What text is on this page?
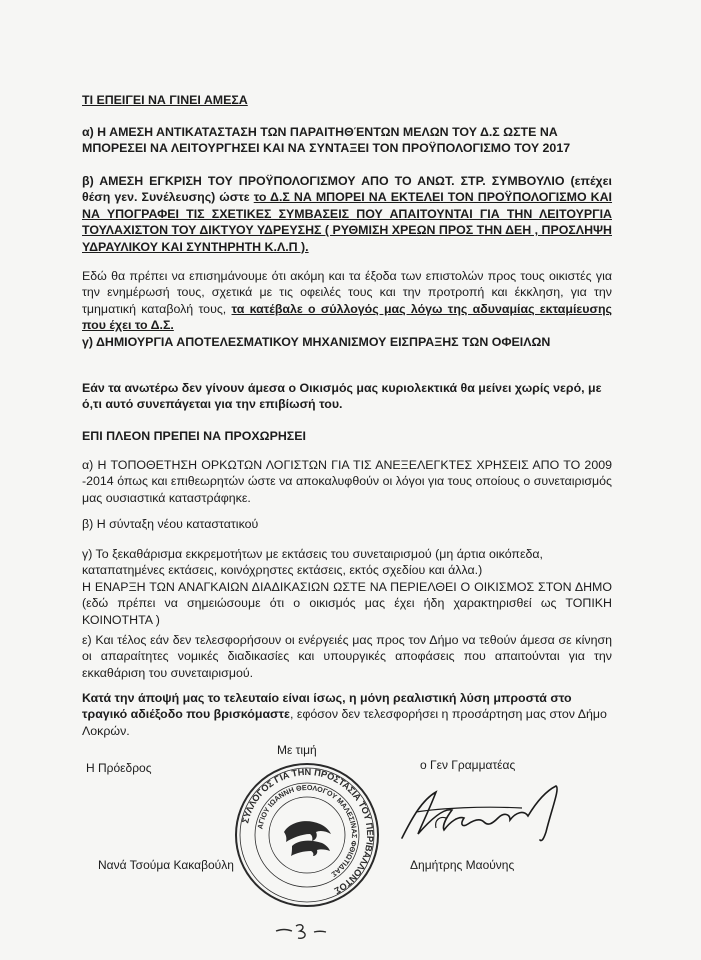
ΤΙ ΕΠΕΙΓΕΙ ΝΑ ΓΙΝΕΙ ΑΜΕΣΑ
α) Η ΑΜΕΣΗ ΑΝΤΙΚΑΤΑΣΤΑΣΗ ΤΩΝ ΠΑΡΑΙΤΗΘΈΝΤΩΝ ΜΕΛΩΝ ΤΟΥ Δ.Σ ΩΣΤΕ ΝΑ ΜΠΟΡΕΣΕΙ ΝΑ ΛΕΙΤΟΥΡΓΗΣΕΙ ΚΑΙ ΝΑ ΣΥΝΤΑΞΕΙ ΤΟΝ ΠΡΟΫΠΟΛΟΓΙΣΜΟ ΤΟΥ 2017
β) ΑΜΕΣΗ ΕΓΚΡΙΣΗ ΤΟΥ ΠΡΟΫΠΟΛΟΓΙΣΜΟΥ ΑΠΟ ΤΟ ΑΝΩΤ. ΣΤΡ. ΣΥΜΒΟΥΛΙΟ (επέχει θέση γεν. Συνέλευσης) ώστε το Δ.Σ ΝΑ ΜΠΟΡΕΙ ΝΑ ΕΚΤΕΛΕΙ ΤΟΝ ΠΡΟΫΠΟΛΟΓΙΣΜΟ ΚΑΙ ΝΑ ΥΠΟΓΡΑΦΕΙ ΤΙΣ ΣΧΕΤΙΚΕΣ ΣΥΜΒΑΣΕΙΣ ΠΟΥ ΑΠΑΙΤΟΥΝΤΑΙ ΓΙΑ ΤΗΝ ΛΕΙΤΟΥΡΓΙΑ ΤΟΥΛΑΧΙΣΤΟΝ ΤΟΥ ΔΙΚΤΥΟΥ ΥΔΡΕΥΣΗΣ ( ΡΥΘΜΙΣΗ ΧΡΕΩΝ ΠΡΟΣ ΤΗΝ ΔΕΗ , ΠΡΟΣΛΗΨΗ ΥΔΡΑΥΛΙΚΟΥ ΚΑΙ ΣΥΝΤΗΡΗΤΗ Κ.Λ.Π ).
Εδώ θα πρέπει να επισημάνουμε ότι ακόμη και τα έξοδα των επιστολών προς τους οικιστές για την ενημέρωσή τους, σχετικά με τις οφειλές τους και την προτροπή και έκκληση, για την τμηματική καταβολή τους, τα κατέβαλε ο σύλλογός μας λόγω της αδυναμίας εκταμίευσης που έχει το Δ.Σ.
γ) ΔΗΜΙΟΥΡΓΙΑ ΑΠΟΤΕΛΕΣΜΑΤΙΚΟΥ ΜΗΧΑΝΙΣΜΟΥ ΕΙΣΠΡΑΞΗΣ ΤΩΝ ΟΦΕΙΛΩΝ
Εάν τα ανωτέρω δεν γίνουν άμεσα ο Οικισμός μας κυριολεκτικά θα μείνει χωρίς νερό, με ό,τι αυτό συνεπάγεται για την επιβίωσή του.
ΕΠΙ ΠΛΕΟΝ ΠΡΕΠΕΙ ΝΑ ΠΡΟΧΩΡΗΣΕΙ
α) Η ΤΟΠΟΘΕΤΗΣΗ ΟΡΚΩΤΩΝ ΛΟΓΙΣΤΩΝ ΓΙΑ ΤΙΣ ΑΝΕΞΕΛΕΓΚΤΕΣ ΧΡΗΣΕΙΣ ΑΠΟ ΤΟ 2009 -2014 όπως και επιθεωρητών ώστε να αποκαλυφθούν οι λόγοι για τους οποίους ο συνεταιρισμός μας ουσιαστικά καταστράφηκε.
β) Η σύνταξη νέου καταστατικού
γ) Το ξεκαθάρισμα εκκρεμοτήτων με εκτάσεις του συνεταιρισμού (μη άρτια οικόπεδα, καταπατημένες εκτάσεις, κοινόχρηστες εκτάσεις, εκτός σχεδίου και άλλα.)
Η ΕΝΑΡΞΗ ΤΩΝ ΑΝΑΓΚΑΙΩΝ ΔΙΑΔΙΚΑΣΙΩΝ ΩΣΤΕ ΝΑ ΠΕΡΙΕΛΘΕΙ Ο ΟΙΚΙΣΜΟΣ ΣΤΟΝ ΔΗΜΟ (εδώ πρέπει να σημειώσουμε ότι ο οικισμός μας έχει ήδη χαρακτηρισθεί ως ΤΟΠΙΚΗ ΚΟΙΝΟΤΗΤΑ )
ε) Και τέλος εάν δεν τελεσφορήσουν οι ενέργειές μας προς τον Δήμο να τεθούν άμεσα σε κίνηση οι απαραίτητες νομικές διαδικασίες και υπουργικές αποφάσεις που απαιτούνται για την εκκαθάριση του συνεταιρισμού.
Κατά την άποψή μας το τελευταίο είναι ίσως, η μόνη ρεαλιστική λύση μπροστά στο τραγικό αδιέξοδο που βρισκόμαστε, εφόσον δεν τελεσφορήσει η προσάρτηση μας στον Δήμο Λοκρών.
Με τιμή
Η Πρόεδρος	ο Γεν Γραμματέας
Νανά Τσούμα Κακαβούλη	Δημήτρης Μαούνης
ΣΥΛΛΟΓΟΣ ΓΙΑ ΤΗΝ ΠΡΟΣΤΑΣΙΑ ΤΟΥ ΠΕΡΙΒΑΛΛΟΝΤΟΣ
ΑΓΙΟΥ ΙΩΑΝΝΗ ΘΕΟΛΟΓΟΥ ΜΑΛΕΣΙΝΑΣ ΦΘΙΩΤΙΔΑΣ
